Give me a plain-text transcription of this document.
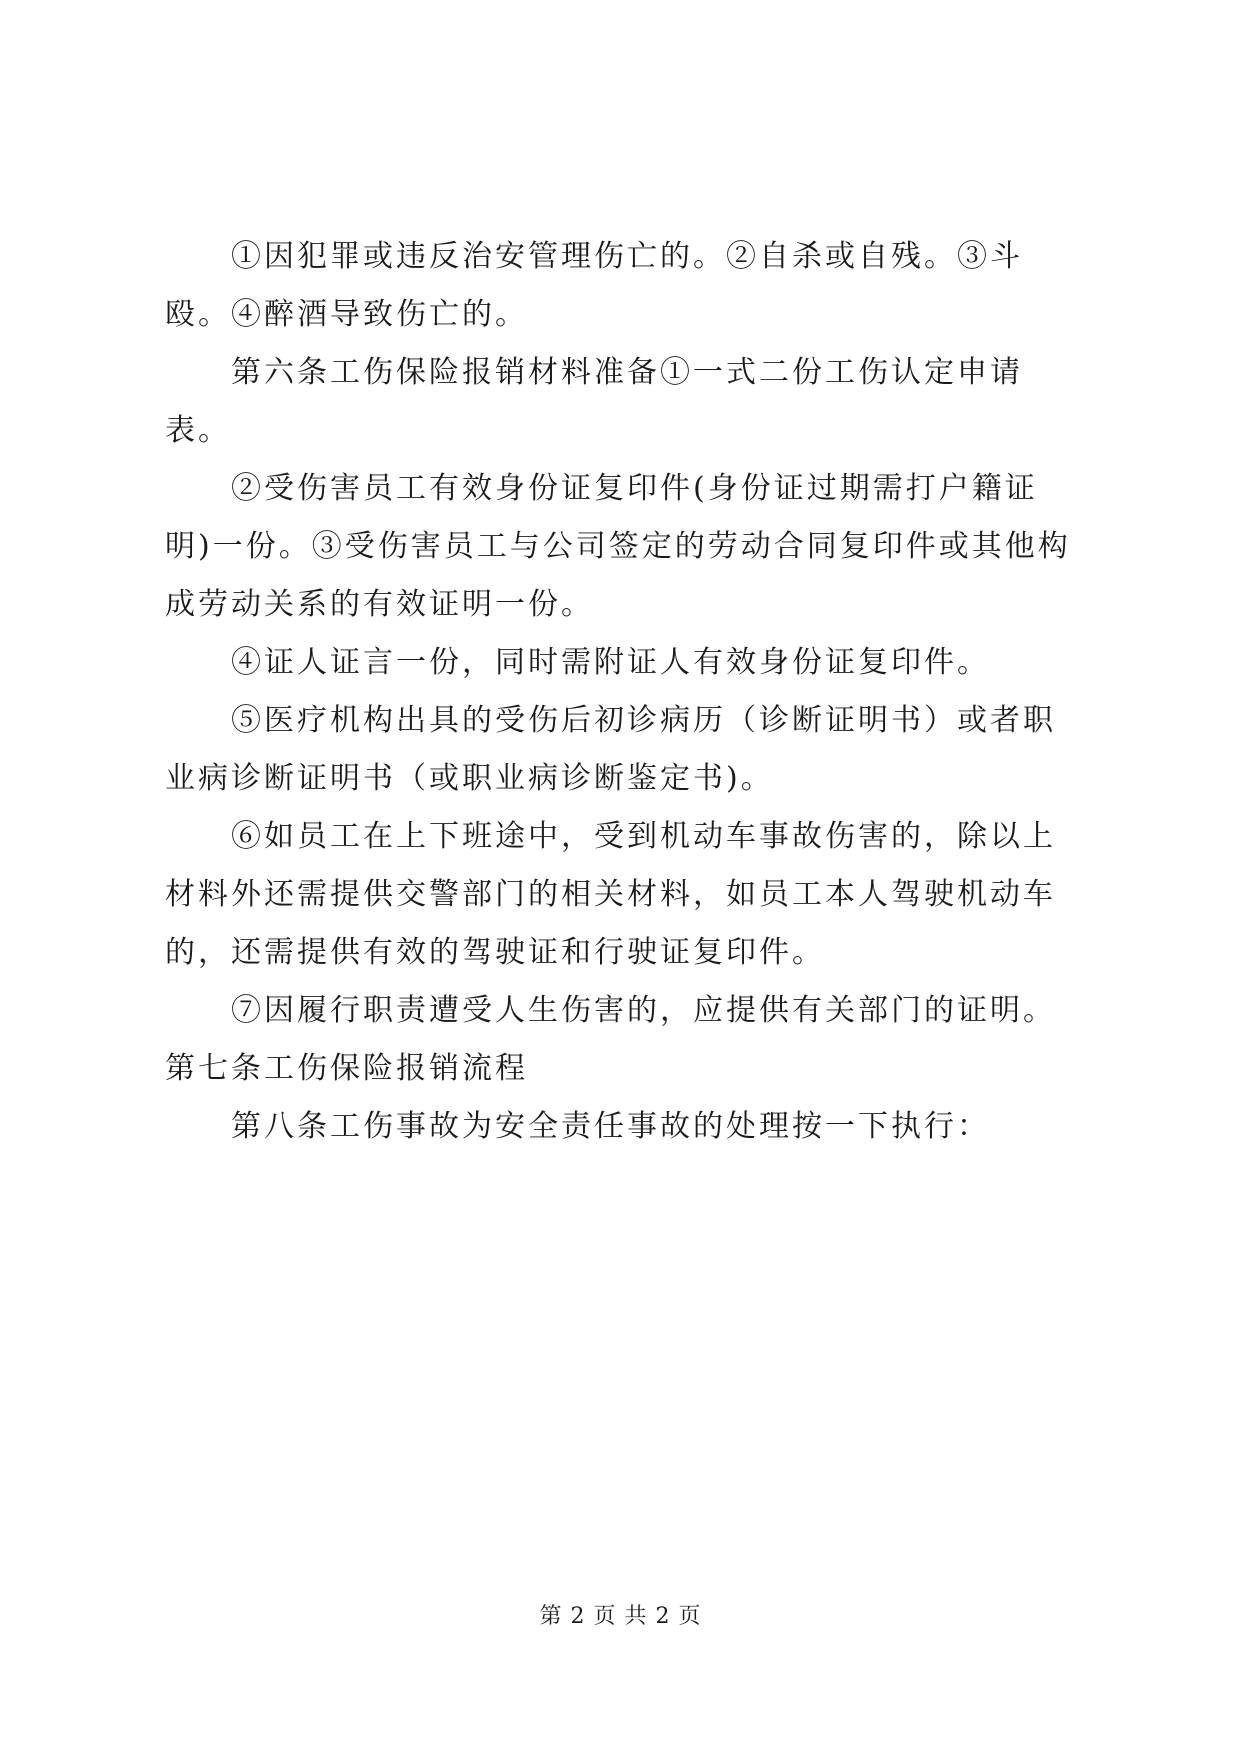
①因犯罪或违反治安管理伤亡的。②自杀或自残。③斗殴。④醉酒导致伤亡的。

第六条工伤保险报销材料准备①一式二份工伤认定申请表。

②受伤害员工有效身份证复印件(身份证过期需打户籍证明)一份。③受伤害员工与公司签定的劳动合同复印件或其他构成劳动关系的有效证明一份。

④证人证言一份，同时需附证人有效身份证复印件。

⑤医疗机构出具的受伤后初诊病历（诊断证明书）或者职业病诊断证明书（或职业病诊断鉴定书)。

⑥如员工在上下班途中，受到机动车事故伤害的，除以上材料外还需提供交警部门的相关材料，如员工本人驾驶机动车的，还需提供有效的驾驶证和行驶证复印件。

⑦因履行职责遭受人生伤害的，应提供有关部门的证明。第七条工伤保险报销流程

第八条工伤事故为安全责任事故的处理按一下执行：

第 2 页 共 2 页
